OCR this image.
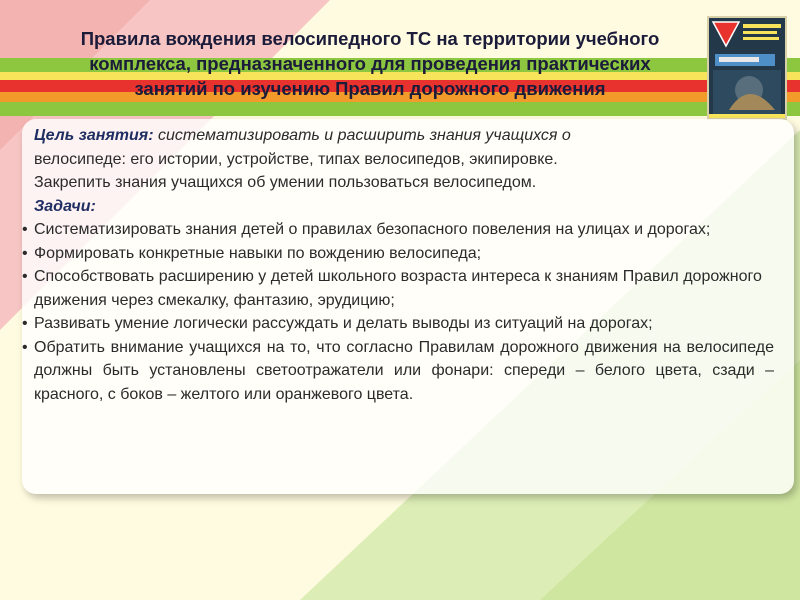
Правила вождения велосипедного ТС на территории учебного
комплекса, предназначенного для проведения практических
занятий по изучению Правил дорожного движения
Цель занятия: систематизировать и расширить знания учащихся о
велосипеде: его истории, устройстве, типах велосипедов, экипировке.
Закрепить знания учащихся об умении пользоваться велосипедом.
Задачи:
• Систематизировать знания детей о правилах безопасного повеления на улицах и дорогах;
• Формировать конкретные навыки по вождению велосипеда;
• Способствовать расширению у детей школьного возраста интереса к знаниям Правил дорожного движения через смекалку, фантазию, эрудицию;
• Развивать умение логически рассуждать и делать выводы из ситуаций на дорогах;
• Обратить внимание учащихся на то, что согласно Правилам дорожного движения на велосипеде должны быть установлены светоотражатели или фонари: спереди – белого цвета, сзади – красного, с боков – желтого или оранжевого цвета.
